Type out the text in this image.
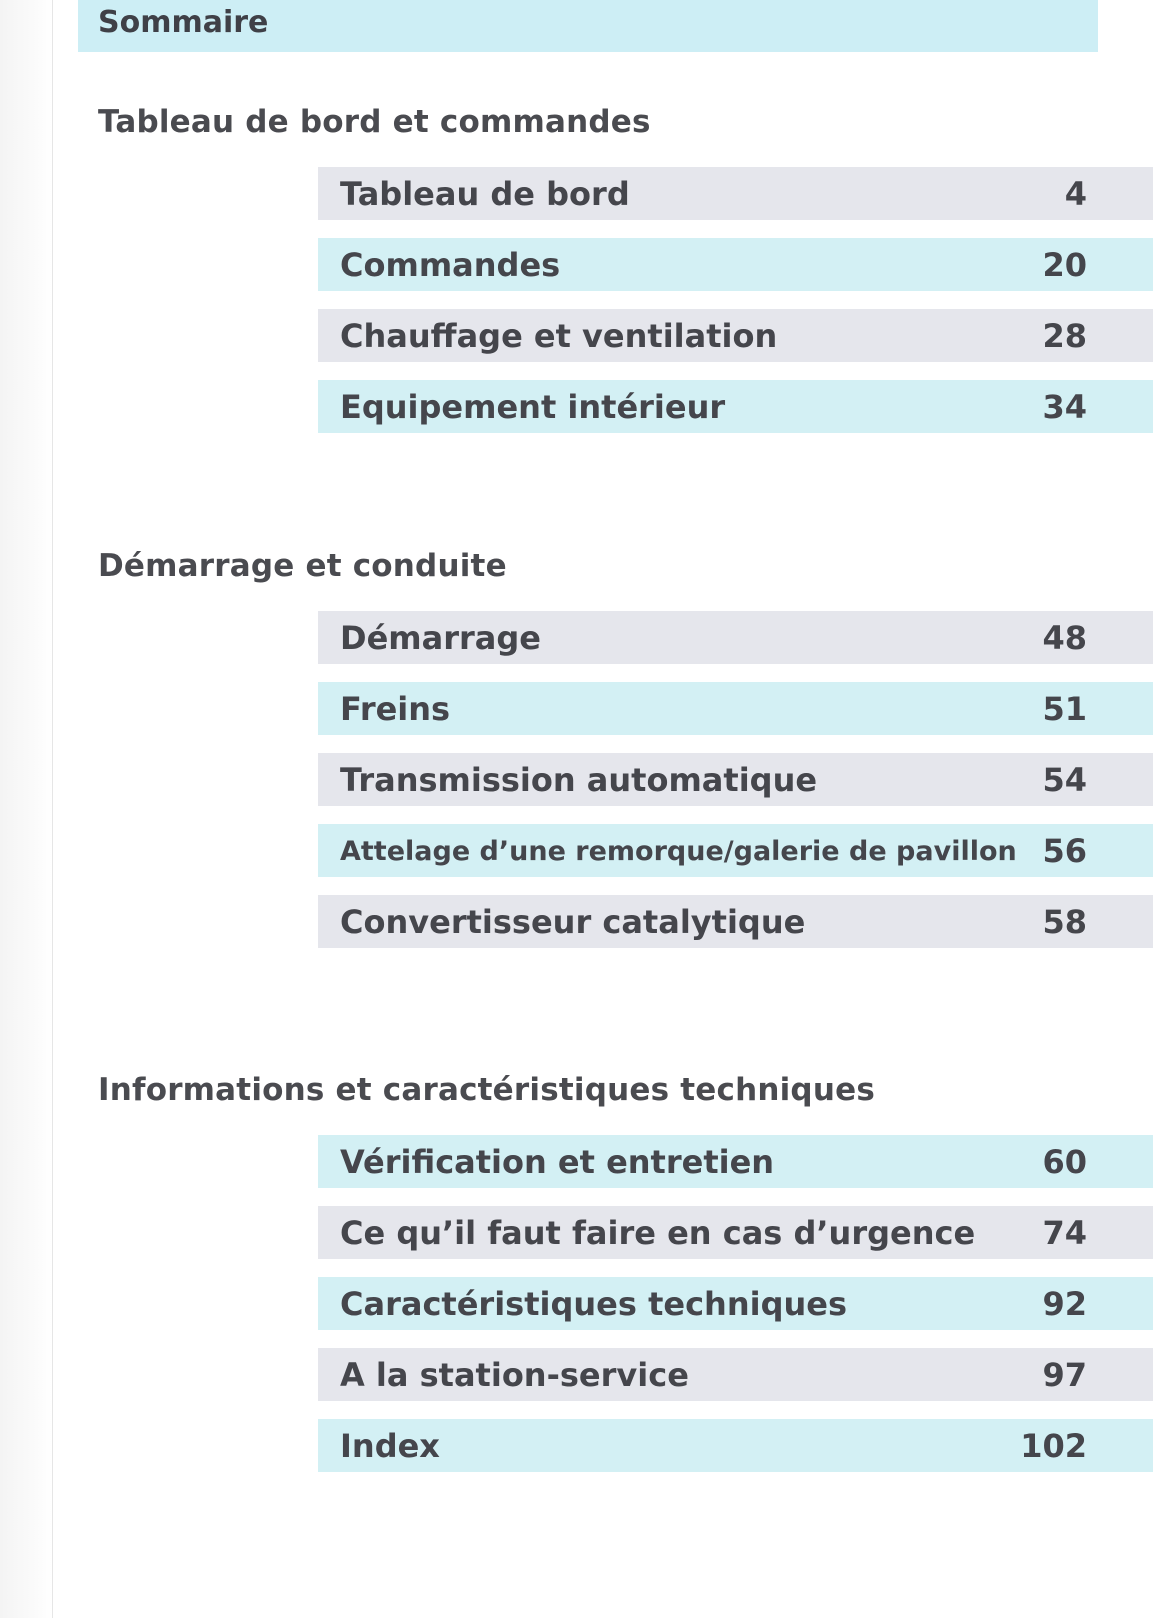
Sommaire
Tableau de bord et commandes
Tableau de bord	4
Commandes	20
Chauffage et ventilation	28
Equipement intérieur	34
Démarrage et conduite
Démarrage	48
Freins	51
Transmission automatique	54
Attelage d’une remorque/galerie de pavillon 56
Convertisseur catalytique	58
Informations et caractéristiques techniques
Vérification et entretien	60
Ce qu’il faut faire en cas d’urgence 74
Caractéristiques techniques	92
A la station-service	97
Index	102
